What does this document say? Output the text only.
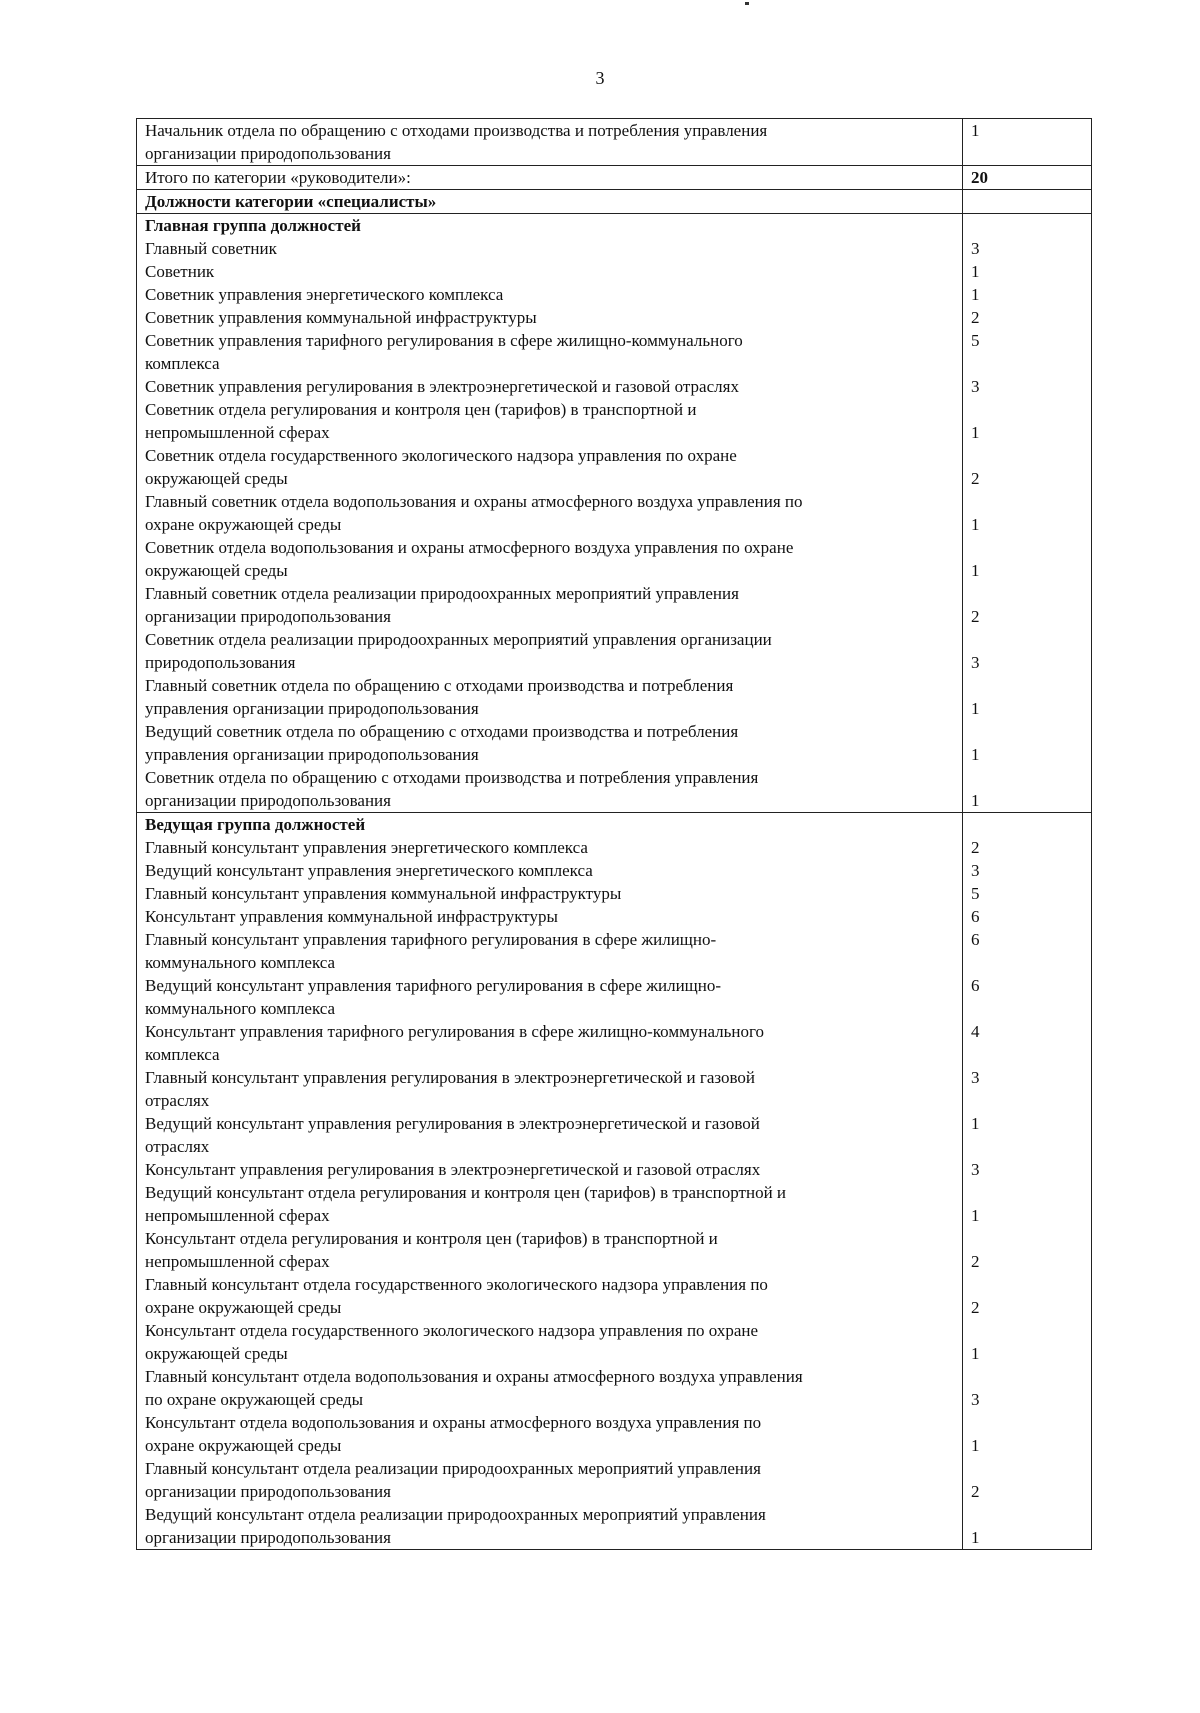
3
Начальник отдела по обращению с отходами производства и потребления управления
организации природопользования	1
Итого по категории «руководители»:	20
Должности категории «специалисты»	
Главная группа должностей	
Главный советник	3
Советник	1
Советник управления энергетического комплекса	1
Советник управления коммунальной инфраструктуры	2
Советник управления тарифного регулирования в сфере жилищно-коммунального
комплекса	5
Советник управления регулирования в электроэнергетической и газовой отраслях	3
Советник отдела регулирования и контроля цен (тарифов) в транспортной и
непромышленной сферах	1
Советник отдела государственного экологического надзора управления по охране
окружающей среды	2
Главный советник отдела водопользования и охраны атмосферного воздуха управления по
охране окружающей среды	1
Советник отдела водопользования и охраны атмосферного воздуха управления по охране
окружающей среды	1
Главный советник отдела реализации природоохранных мероприятий управления
организации природопользования	2
Советник отдела реализации природоохранных мероприятий управления организации
природопользования	3
Главный советник отдела по обращению с отходами производства и потребления
управления организации природопользования	1
Ведущий советник отдела по обращению с отходами производства и потребления
управления организации природопользования	1
Советник отдела по обращению с отходами производства и потребления управления
организации природопользования	1
Ведущая группа должностей	
Главный консультант управления энергетического комплекса	2
Ведущий консультант управления энергетического комплекса	3
Главный консультант управления коммунальной инфраструктуры	5
Консультант управления коммунальной инфраструктуры	6
Главный консультант управления тарифного регулирования в сфере жилищно-
коммунального комплекса	6
Ведущий консультант управления тарифного регулирования в сфере жилищно-
коммунального комплекса	6
Консультант управления тарифного регулирования в сфере жилищно-коммунального
комплекса	4
Главный консультант управления регулирования в электроэнергетической и газовой
отраслях	3
Ведущий консультант управления регулирования в электроэнергетической и газовой
отраслях	1
Консультант управления регулирования в электроэнергетической и газовой отраслях	3
Ведущий консультант отдела регулирования и контроля цен (тарифов) в транспортной и
непромышленной сферах	1
Консультант отдела регулирования и контроля цен (тарифов) в транспортной и
непромышленной сферах	2
Главный консультант отдела государственного экологического надзора управления по
охране окружающей среды	2
Консультант отдела государственного экологического надзора управления по охране
окружающей среды	1
Главный консультант отдела водопользования и охраны атмосферного воздуха управления
по охране окружающей среды	3
Консультант отдела водопользования и охраны атмосферного воздуха управления по
охране окружающей среды	1
Главный консультант отдела реализации природоохранных мероприятий управления
организации природопользования	2
Ведущий консультант отдела реализации природоохранных мероприятий управления
организации природопользования	1
